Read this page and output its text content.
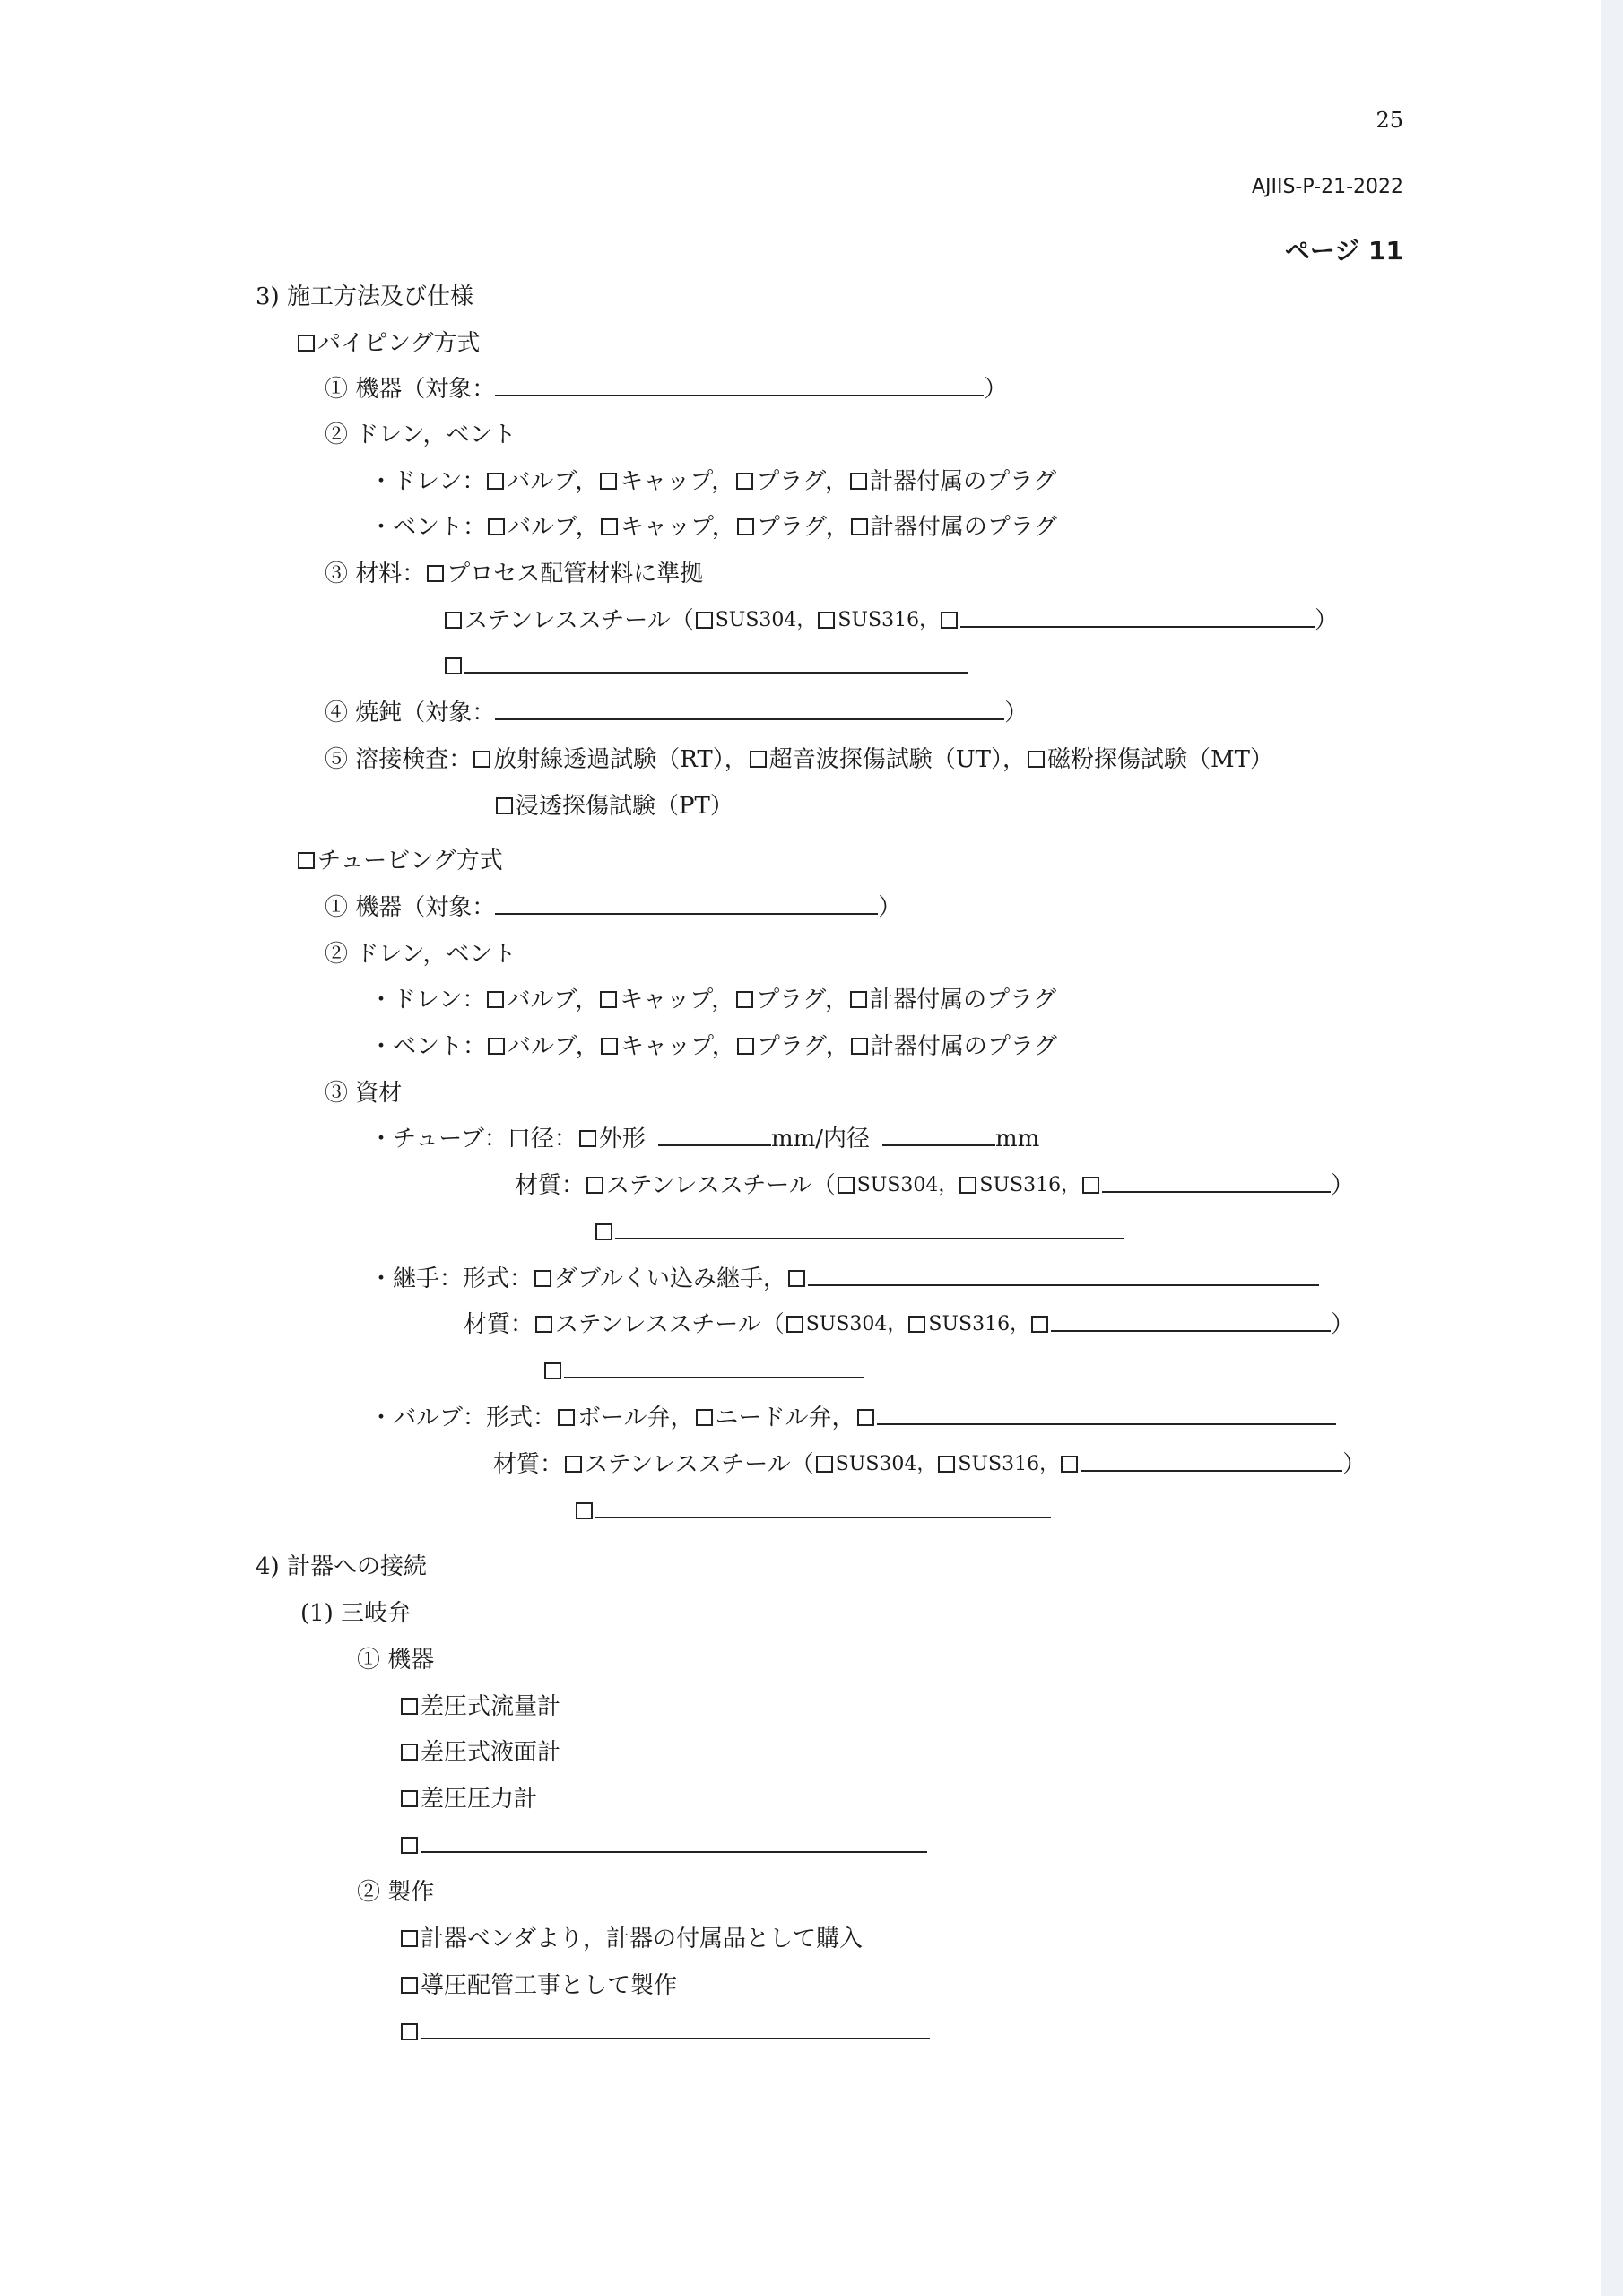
25
AJIIS-P-21-2022
ページ 11
3) 施工方法及び仕様
パイピング方式
① 機器（対象：	）
② ドレン，ベント
・ドレン： バルブ， キャップ， プラグ， 計器付属のプラグ
・ベント： バルブ， キャップ， プラグ， 計器付属のプラグ
③ 材料： プロセス配管材料に準拠
ステンレススチール（ SUS304， SUS316，	）
④ 焼鈍（対象：	）
⑤ 溶接検査： 放射線透過試験（RT）， 超音波探傷試験（UT）， 磁粉探傷試験（MT）
浸透探傷試験（PT）
チュービング方式
① 機器（対象：	）
② ドレン，ベント
・ドレン： バルブ， キャップ， プラグ， 計器付属のプラグ
・ベント： バルブ， キャップ， プラグ， 計器付属のプラグ
③ 資材
・チューブ：口径： 外形	mm/内径	mm
材質： ステンレススチール（ SUS304， SUS316，	）
・継手：形式： ダブルくい込み継手，
材質： ステンレススチール（ SUS304， SUS316，	）
・バルブ：形式： ボール弁， ニードル弁，
材質： ステンレススチール（ SUS304， SUS316，	）
4) 計器への接続
(1) 三岐弁
① 機器
差圧式流量計
差圧式液面計
差圧圧力計
② 製作
計器ベンダより，計器の付属品として購入
導圧配管工事として製作
